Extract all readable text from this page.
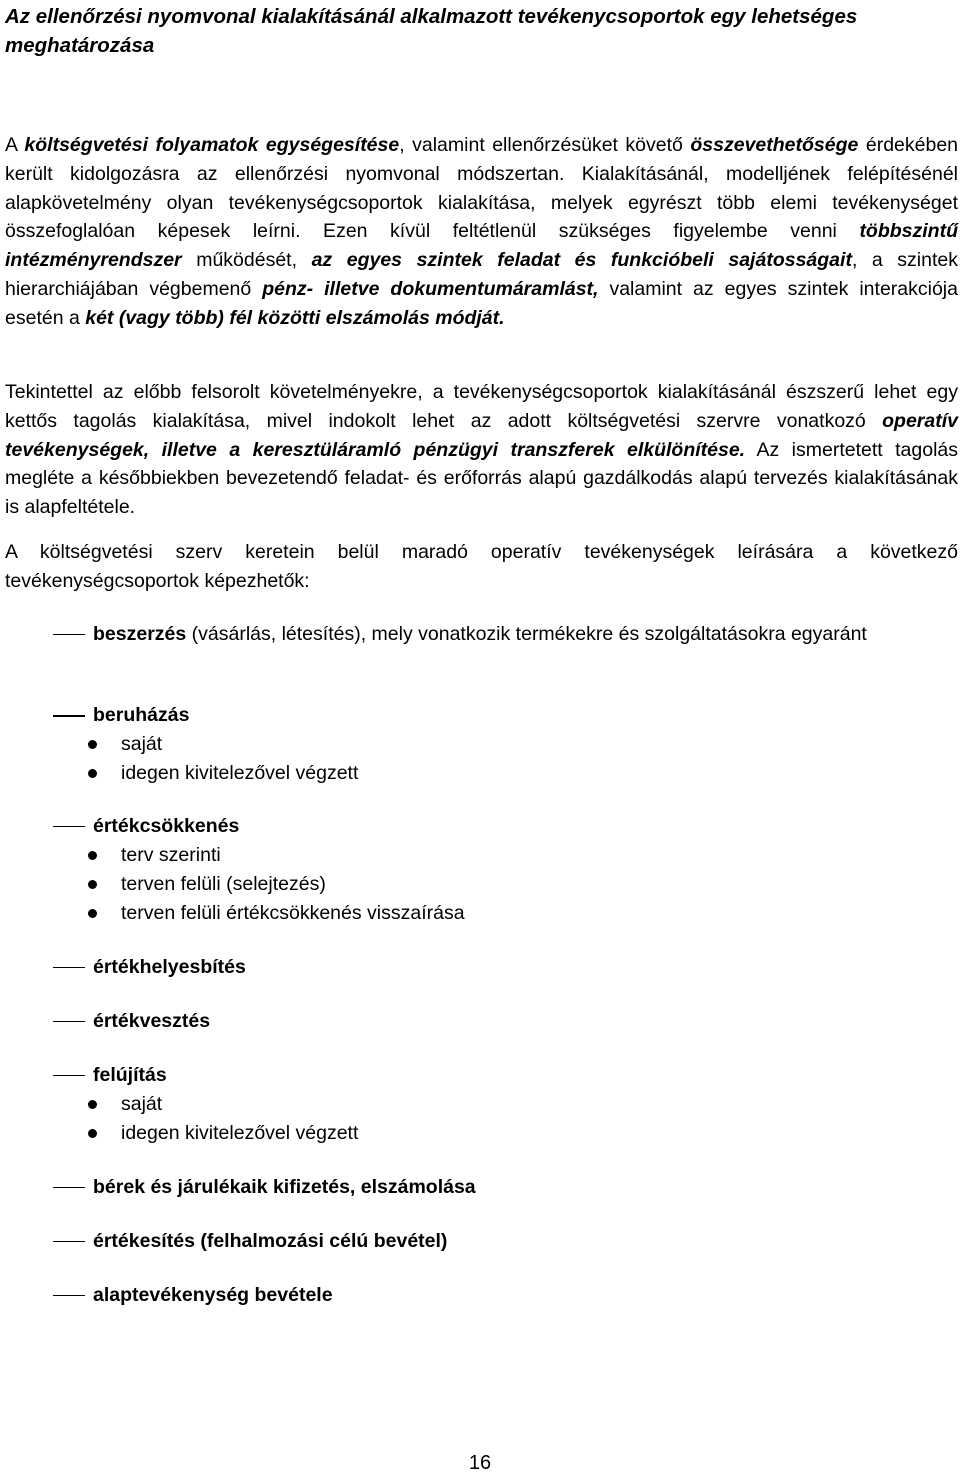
Az ellenőrzési nyomvonal kialakításánál alkalmazott tevékenycsoportok egy lehetséges meghatározása

A költségvetési folyamatok egységesítése, valamint ellenőrzésüket követő összevethetősége érdekében került kidolgozásra az ellenőrzési nyomvonal módszertan. Kialakításánál, modelljének felépítésénél alapkövetelmény olyan tevékenységcsoportok kialakítása, melyek egyrészt több elemi tevékenységet összefoglalóan képesek leírni. Ezen kívül feltétlenül szükséges figyelembe venni többszintű intézményrendszer működését, az egyes szintek feladat és funkcióbeli sajátosságait, a szintek hierarchiájában végbemenő pénz- illetve dokumentumáramlást, valamint az egyes szintek interakciója esetén a két (vagy több) fél közötti elszámolás módját.

Tekintettel az előbb felsorolt követelményekre, a tevékenységcsoportok kialakításánál észszerű lehet egy kettős tagolás kialakítása, mivel indokolt lehet az adott költségvetési szervre vonatkozó operatív tevékenységek, illetve a keresztüláramló pénzügyi transzferek elkülönítése. Az ismertetett tagolás megléte a későbbiekben bevezetendő feladat- és erőforrás alapú gazdálkodás alapú tervezés kialakításának is alapfeltétele.

A költségvetési szerv keretein belül maradó operatív tevékenységek leírására a következő tevékenységcsoportok képezhetők:

beszerzés (vásárlás, létesítés), mely vonatkozik termékekre és szolgáltatásokra egyaránt
beruházás
saját
idegen kivitelezővel végzett
értékcsökkenés
terv szerinti
terven felüli (selejtezés)
terven felüli értékcsökkenés visszaírása
értékhelyesbítés
értékvesztés
felújítás
saját
idegen kivitelezővel végzett
bérek és járulékaik kifizetés, elszámolása
értékesítés (felhalmozási célú bevétel)
alaptevékenység bevétele
16
